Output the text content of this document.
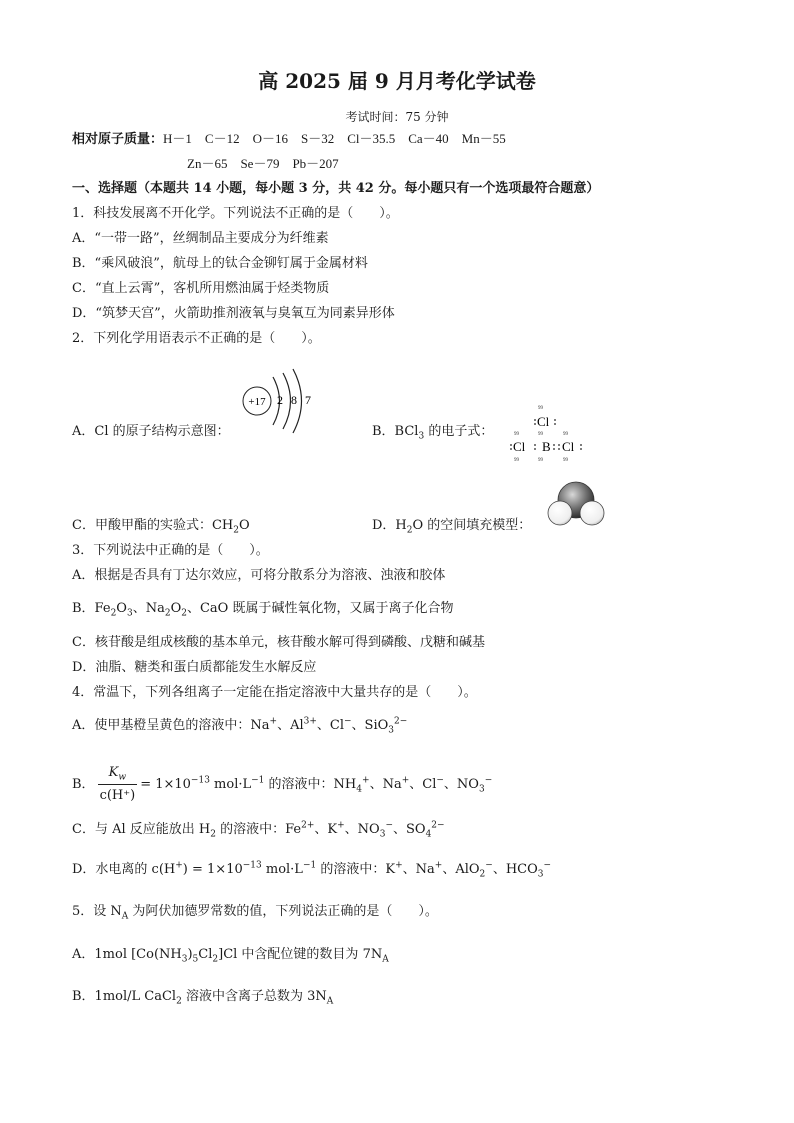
高 2025 届 9 月月考化学试卷
考试时间：75 分钟
相对原子质量：H－1　C－12　O－16　S－32　Cl－35.5　Ca－40　Mn－55
Zn－65　Se－79　Pb－207
一、选择题（本题共 14 小题，每小题 3 分，共 42 分。每小题只有一个选项最符合题意）
1．科技发展离不开化学。下列说法不正确的是（　　）。
A．“一带一路”，丝绸制品主要成分为纤维素
B．“乘风破浪”，航母上的钛合金铆钉属于金属材料
C．“直上云霄”，客机所用燃油属于烃类物质
D．“筑梦天宫”，火箭助推剂液氧与臭氧互为同素异形体
2．下列化学用语表示不正确的是（　　）。
A．Cl 的原子结构示意图：
+17 2 8 7
B．BCl$_3$ 的电子式：
99
99	99	99
99	99	99
Cl
Cl B Cl
C．甲酸甲酯的实验式：$CH_2O$	D．$H_2O$ 的空间填充模型：
3．下列说法中正确的是（　　）。
A．根据是否具有丁达尔效应，可将分散系分为溶液、浊液和胶体
B．$Fe_2O_3$、$Na_2O_2$、CaO 既属于碱性氧化物，又属于离子化合物
C．核苷酸是组成核酸的基本单元，核苷酸水解可得到磷酸、戊糖和碱基
D．油脂、糖类和蛋白质都能发生水解反应
4．常温下，下列各组离子一定能在指定溶液中大量共存的是（　　）。
A．使甲基橙呈黄色的溶液中：Na+、$Al^{3+}$、Cl−、SiO$_3^{2-}$
B． $\frac{K_w}{c(H^+)} = 1\times 10^{-13}$ $mol\cdot L^{-1}$ 的溶液中：$NH_4^+$、Na+、Cl−、$NO_3^-$
C．与 Al 反应能放出 $H_2$ 的溶液中：$Fe^{2+}$、K+、$NO_3^-$、$SO_4^{2-}$
D．水电离的 $c(H^+) = 1\times 10^{-13}$ $mol\cdot L^{-1}$ 的溶液中：K+、Na+、AlO$_2$−、$HCO_3^-$
5．设 $N_A$ 为阿伏加德罗常数的值，下列说法正确的是（　　）。
A．1mol $[Co(NH_3)_5Cl_2]Cl$ 中含配位键的数目为 $7N_A$
B．1mol/L CaCl$_2$ 溶液中含离子总数为 $3N_A$
